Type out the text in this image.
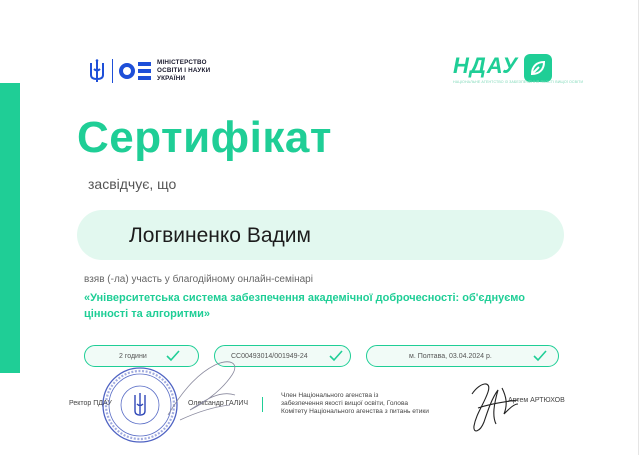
МІНІСТЕРСТВО
ОСВІТИ І НАУКИ
УКРАЇНИ
НДАУ
НАЦІОНАЛЬНЕ АГЕНТСТВО ІЗ ЗАБЕЗПЕЧЕННЯ ЯКОСТІ ВИЩОЇ ОСВІТИ
Сертифікат
засвідчує, що
Логвиненко Вадим
взяв (-ла) участь у благодійному онлайн-семінарі
«Університетська система забезпечення академічної доброчесності: об'єднуємо цінності та алгоритми»
2 години	СС00493014/001949-24	м. Полтава, 03.04.2024 р.
Ректор ПДАУ	Олександр ГАЛИЧ
Член Національного агенства із
забезпечення якості вищої освіти, Голова
Комітету Національного агенства з питань етики
Артем АРТЮХОВ
